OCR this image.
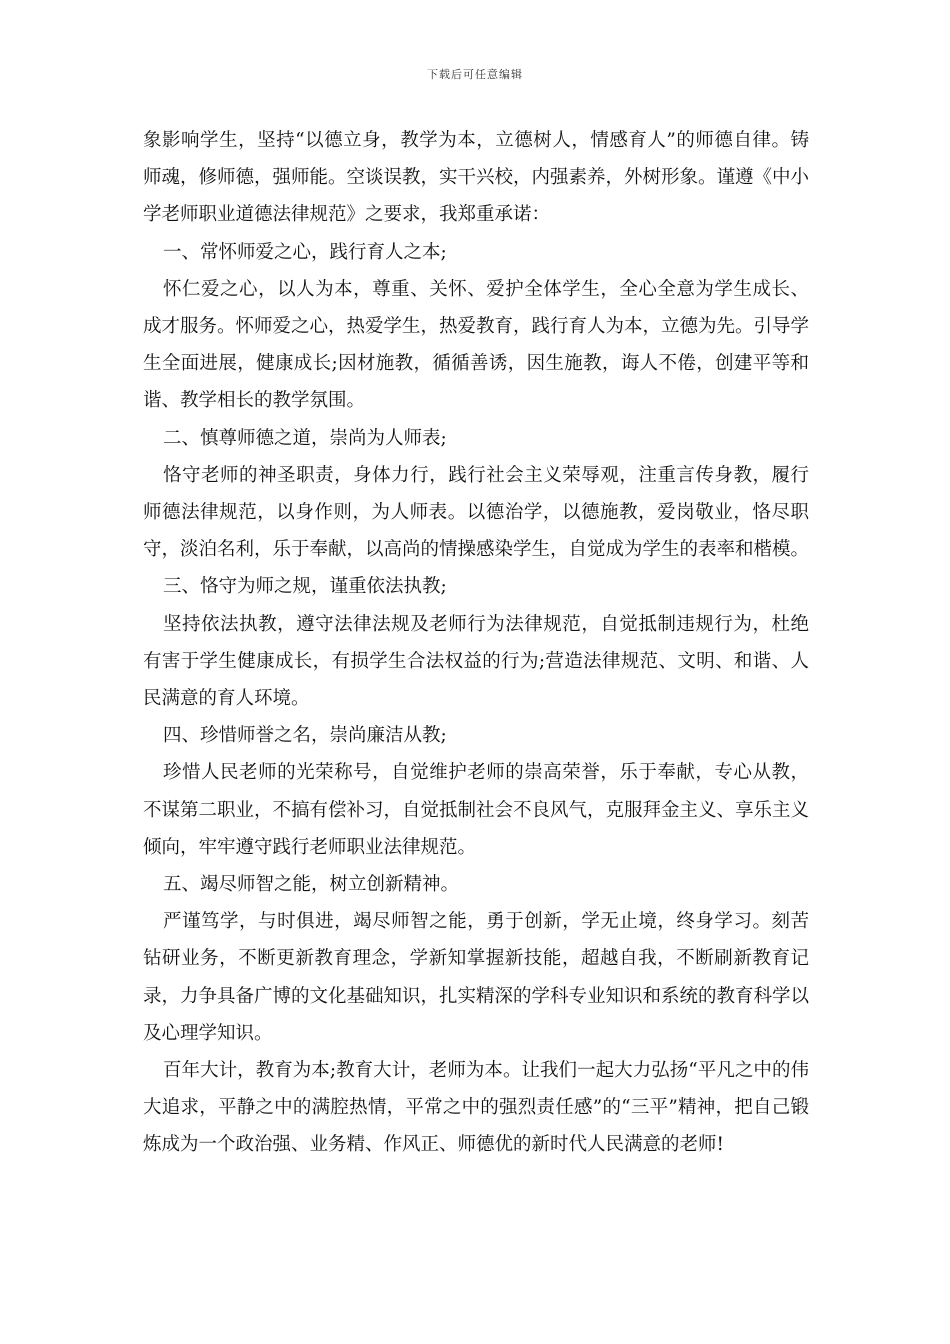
下载后可任意编辑

象影响学生，坚持“以德立身，教学为本，立德树人，情感育人”的师德自律。铸师魂，修师德，强师能。空谈误教，实干兴校，内强素养，外树形象。谨遵《中小学老师职业道德法律规范》之要求，我郑重承诺：

一、常怀师爱之心，践行育人之本;

怀仁爱之心，以人为本，尊重、关怀、爱护全体学生，全心全意为学生成长、成才服务。怀师爱之心，热爱学生，热爱教育，践行育人为本，立德为先。引导学生全面进展，健康成长;因材施教，循循善诱，因生施教，诲人不倦，创建平等和谐、教学相长的教学氛围。

二、慎尊师德之道，崇尚为人师表;

恪守老师的神圣职责，身体力行，践行社会主义荣辱观，注重言传身教，履行师德法律规范，以身作则，为人师表。以德治学，以德施教，爱岗敬业，恪尽职守，淡泊名利，乐于奉献，以高尚的情操感染学生，自觉成为学生的表率和楷模。

三、恪守为师之规，谨重依法执教;

坚持依法执教，遵守法律法规及老师行为法律规范，自觉抵制违规行为，杜绝有害于学生健康成长，有损学生合法权益的行为;营造法律规范、文明、和谐、人民满意的育人环境。

四、珍惜师誉之名，崇尚廉洁从教;

珍惜人民老师的光荣称号，自觉维护老师的崇高荣誉，乐于奉献，专心从教，不谋第二职业，不搞有偿补习，自觉抵制社会不良风气，克服拜金主义、享乐主义倾向，牢牢遵守践行老师职业法律规范。

五、竭尽师智之能，树立创新精神。

严谨笃学，与时俱进，竭尽师智之能，勇于创新，学无止境，终身学习。刻苦钻研业务，不断更新教育理念，学新知掌握新技能，超越自我，不断刷新教育记录，力争具备广博的文化基础知识，扎实精深的学科专业知识和系统的教育科学以及心理学知识。

百年大计，教育为本;教育大计，老师为本。让我们一起大力弘扬“平凡之中的伟大追求，平静之中的满腔热情，平常之中的强烈责任感”的“三平”精神，把自己锻炼成为一个政治强、业务精、作风正、师德优的新时代人民满意的老师!
